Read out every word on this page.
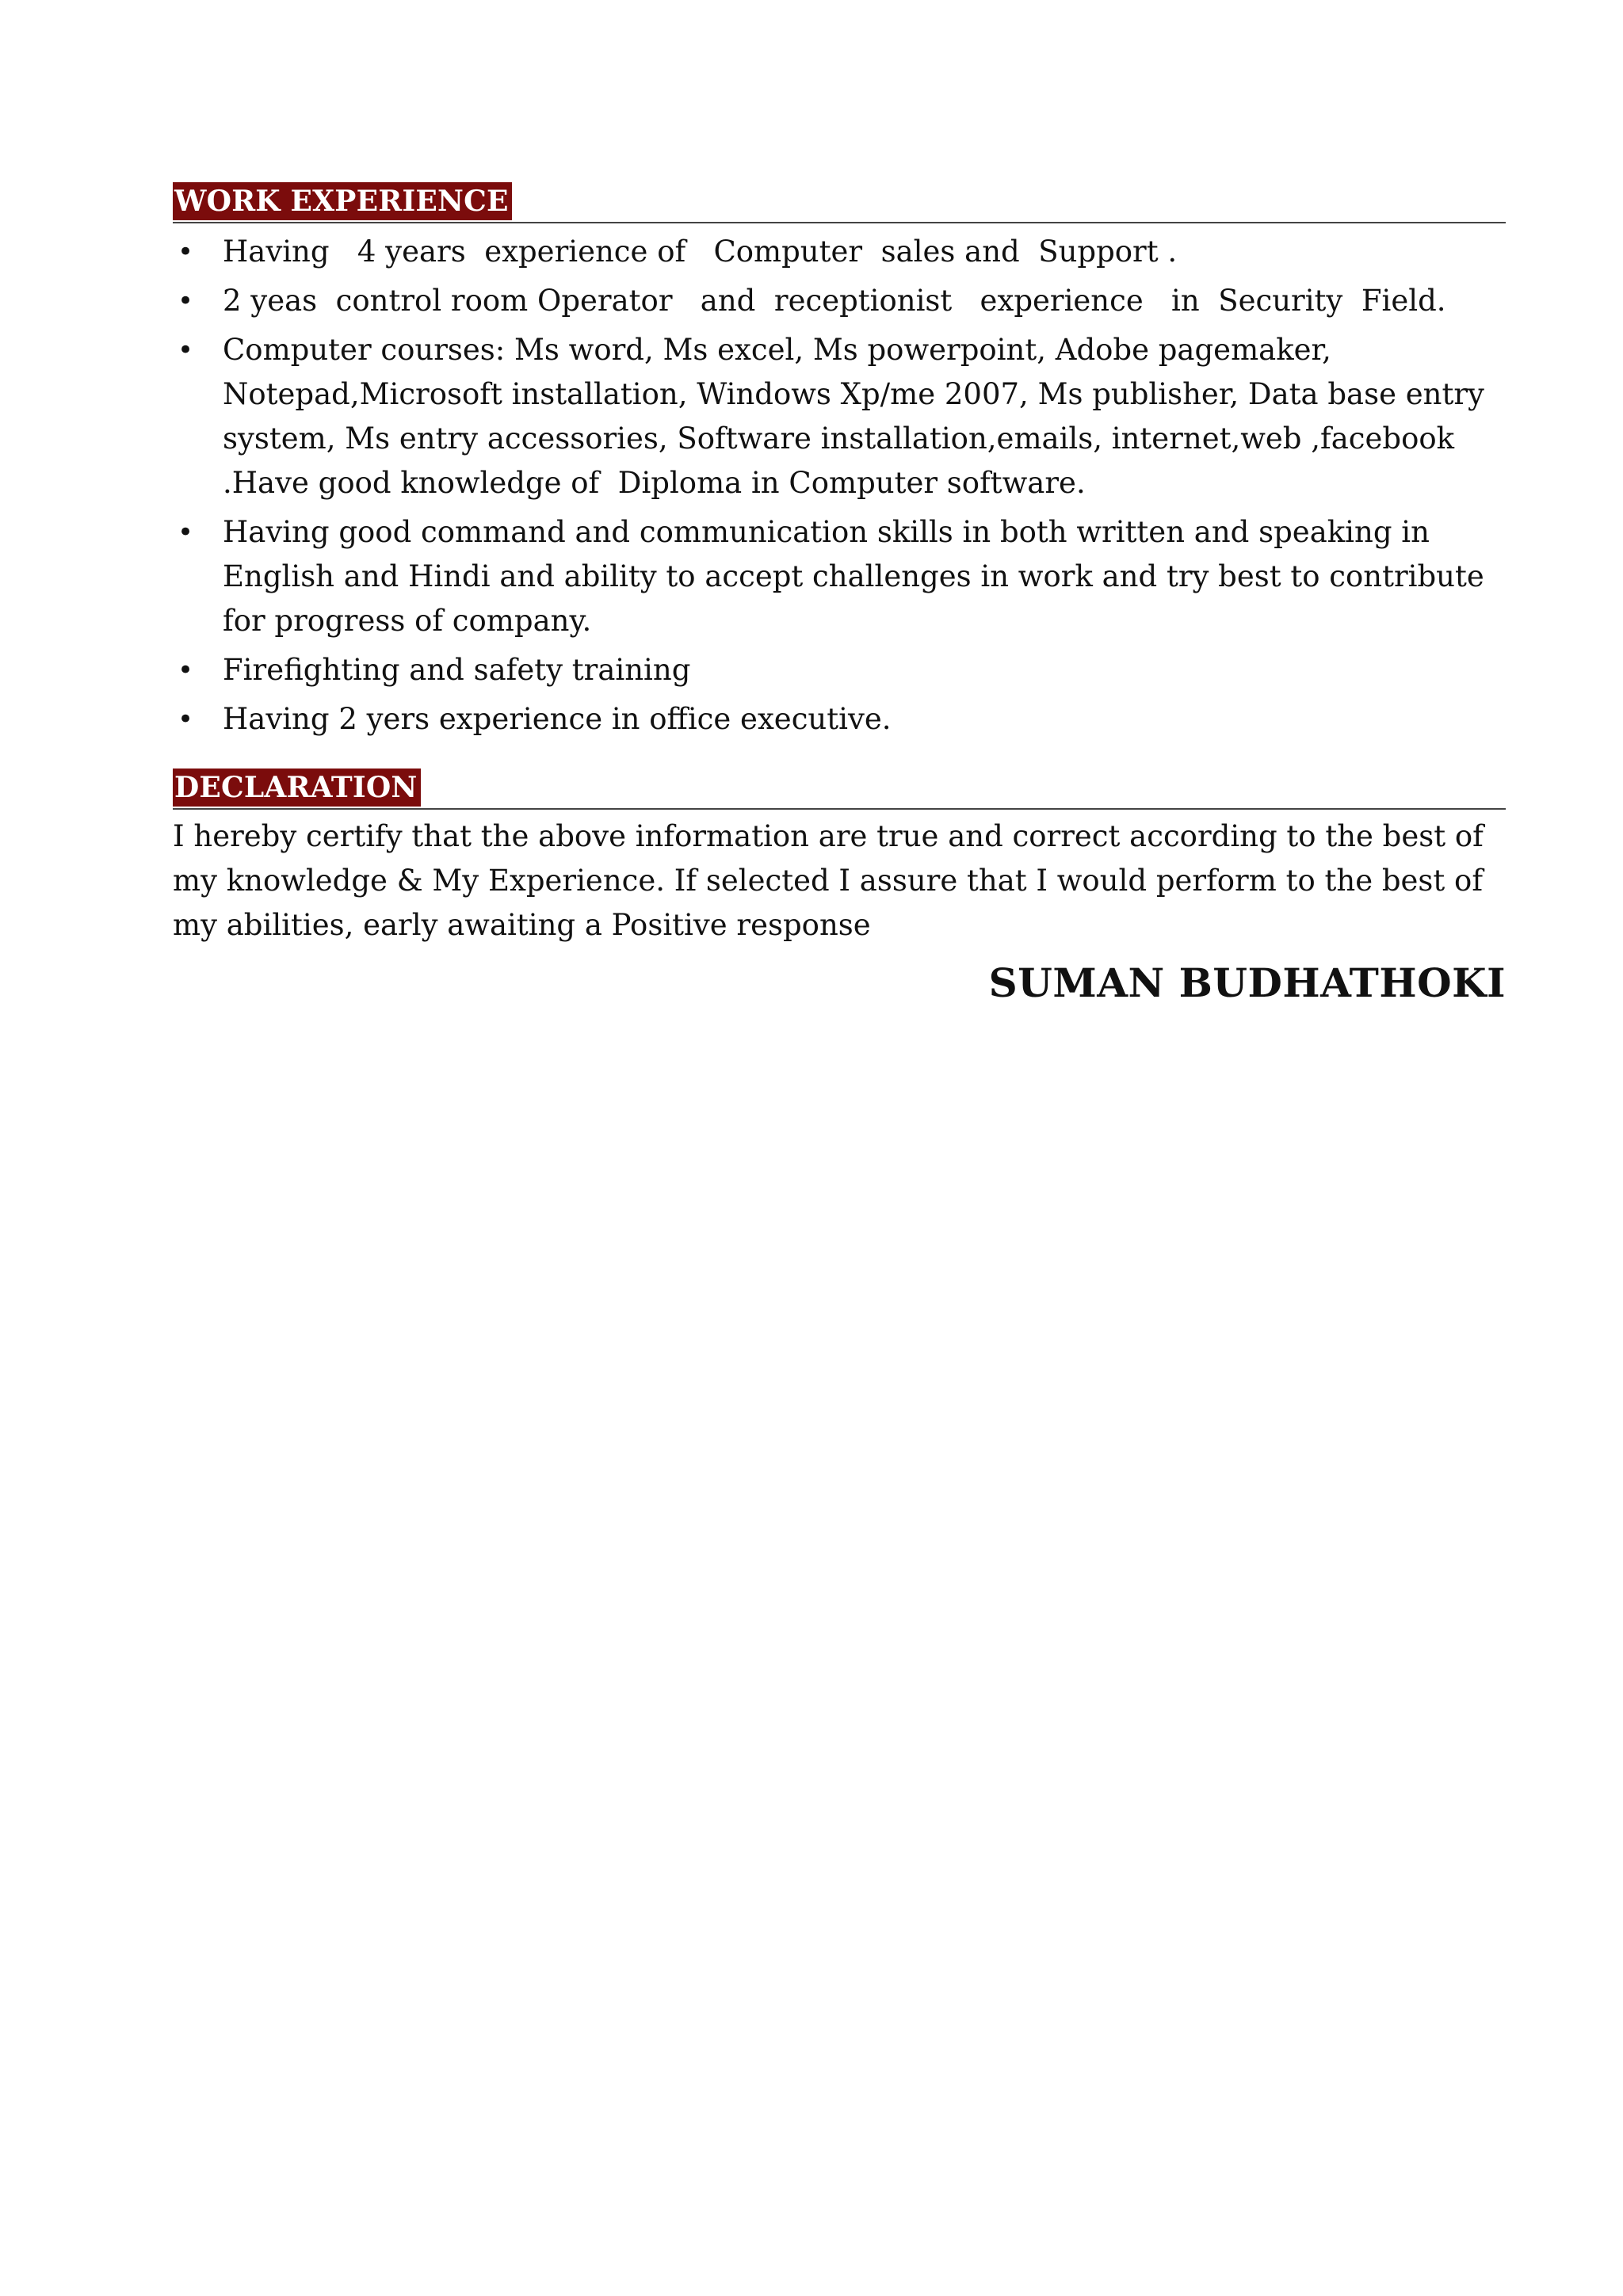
WORK EXPERIENCE
• Having   4 years  experience of   Computer  sales and  Support .
• 2 yeas  control room Operator   and  receptionist   experience   in  Security  Field.
• Computer courses: Ms word, Ms excel, Ms powerpoint, Adobe pagemaker, Notepad,Microsoft installation, Windows Xp/me 2007, Ms publisher, Data base entry system, Ms entry accessories, Software installation,emails, internet,web ,facebook .Have good knowledge of  Diploma in Computer software.
• Having good command and communication skills in both written and speaking in English and Hindi and ability to accept challenges in work and try best to contribute for progress of company.
• Firefighting and safety training
• Having 2 yers experience in office executive.
DECLARATION
I hereby certify that the above information are true and correct according to the best of my knowledge & My Experience. If selected I assure that I would perform to the best of my abilities, early awaiting a Positive response
SUMAN BUDHATHOKI
